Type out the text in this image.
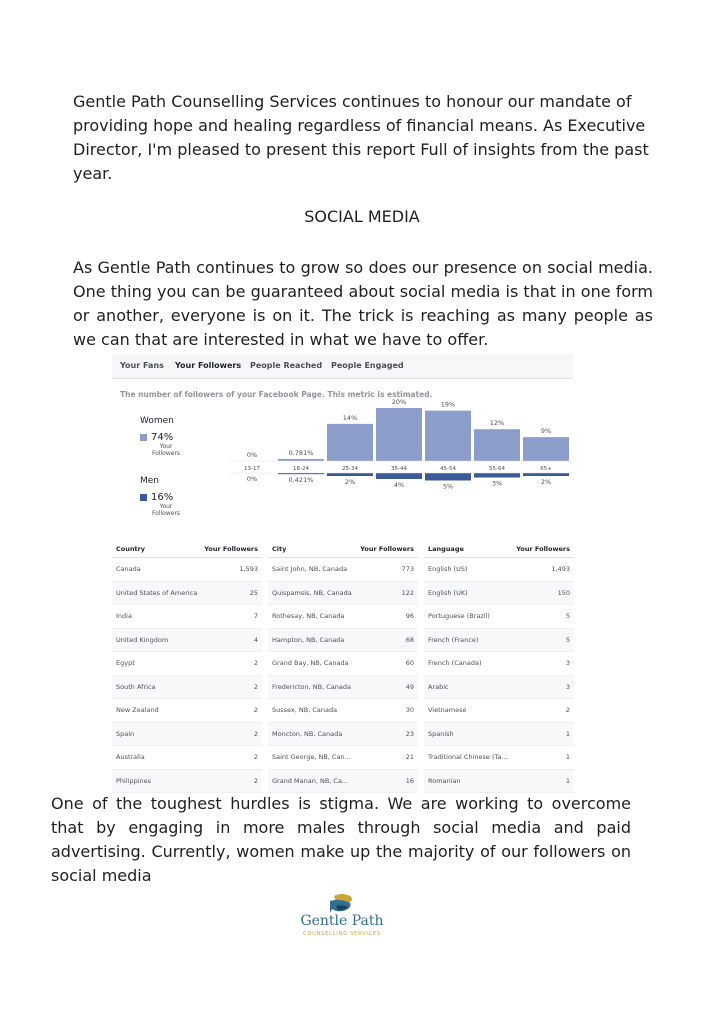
Gentle Path Counselling Services continues to honour our mandate of providing hope and healing regardless of financial means. As Executive Director, I'm pleased to present this report Full of insights from the past year.

SOCIAL MEDIA

As Gentle Path continues to grow so does our presence on social media. One thing you can be guaranteed about social media is that in one form or another, everyone is on it. The trick is reaching as many people as we can that are interested in what we have to offer.

Your Fans Your Followers People Reached People Engaged
The number of followers of your Facebook Page. This metric is estimated.
Women
74%
Your Followers
Men
16%
Your Followers
0%
0%
13-17
0.781%
0.421%
18-24
14%
2%
25-34
20%
4%
35-44
19%
5%
45-54
12%
3%
55-64
9%
2%
65+
Country	Your Followers
Canada	1,593
United States of America	25
India	7
United Kingdom	4
Egypt	2
South Africa	2
New Zealand	2
Spain	2
Australia	2
Philippines	2
City	Your Followers
Saint John, NB, Canada	773
Quispamsis, NB, Canada	122
Rothesay, NB, Canada	96
Hampton, NB, Canada	68
Grand Bay, NB, Canada	60
Fredericton, NB, Canada	49
Sussex, NB, Canada	30
Moncton, NB, Canada	23
Saint George, NB, Can...	21
Grand Manan, NB, Ca...	16
Language	Your Followers
English (US)	1,493
English (UK)	150
Portuguese (Brazil)	5
French (France)	5
French (Canada)	3
Arabic	3
Vietnamese	2
Spanish	1
Traditional Chinese (Ta...	1
Romanian	1

One of the toughest hurdles is stigma. We are working to overcome that by engaging in more males through social media and paid advertising. Currently, women make up the majority of our followers on social media

Gentle Path
COUNSELLING SERVICES
